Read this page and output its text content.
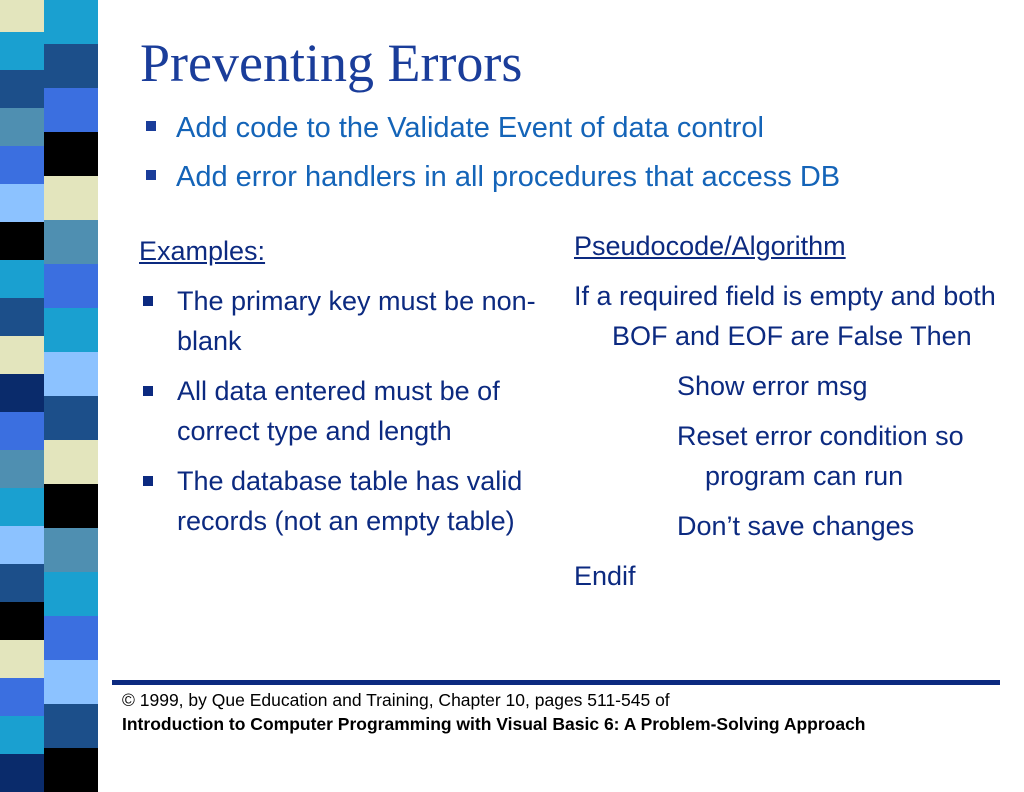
Preventing Errors
Add code to the Validate Event of data control
Add error handlers in all procedures that access DB
Examples:
The primary key must be non-blank
All data entered must be of correct type and length
The database table has valid records (not an empty table)
Pseudocode/Algorithm
If a required field is empty and both BOF and EOF are False Then
Show error msg
Reset error condition so program can run
Don’t save changes
Endif
© 1999, by Que Education and Training, Chapter 10, pages 511-545 of
Introduction to Computer Programming with Visual Basic 6: A Problem-Solving Approach
